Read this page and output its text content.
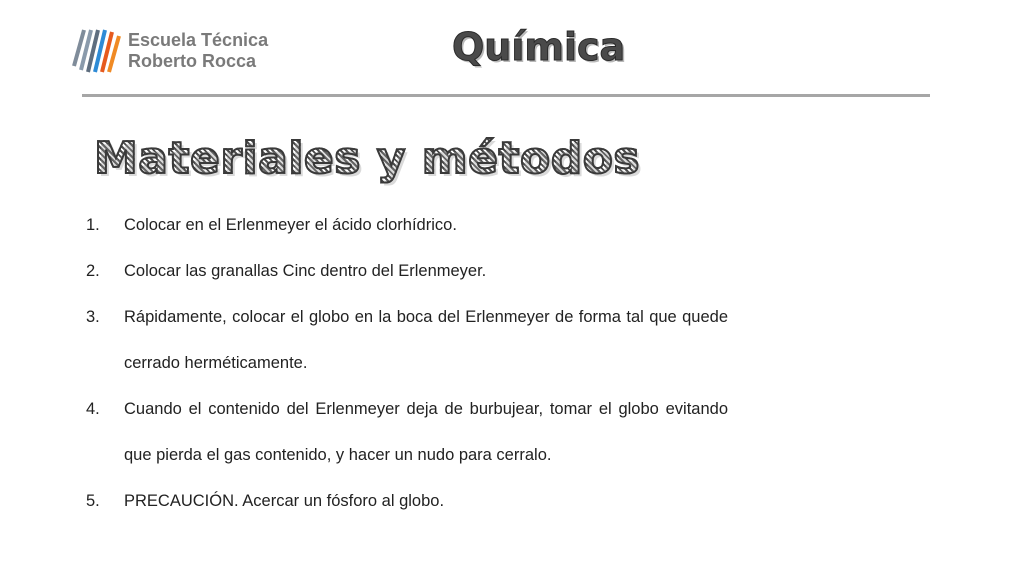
Escuela Técnica
Roberto Rocca	Química
Materiales y métodos
1.	Colocar en el Erlenmeyer el ácido clorhídrico.
2.	Colocar las granallas Cinc dentro del Erlenmeyer.
3.	Rápidamente, colocar el globo en la boca del Erlenmeyer de forma tal que quede cerrado herméticamente.
4.	Cuando el contenido del Erlenmeyer deja de burbujear, tomar el globo evitando que pierda el gas contenido, y hacer un nudo para cerralo.
5.	PRECAUCIÓN. Acercar un fósforo al globo.
